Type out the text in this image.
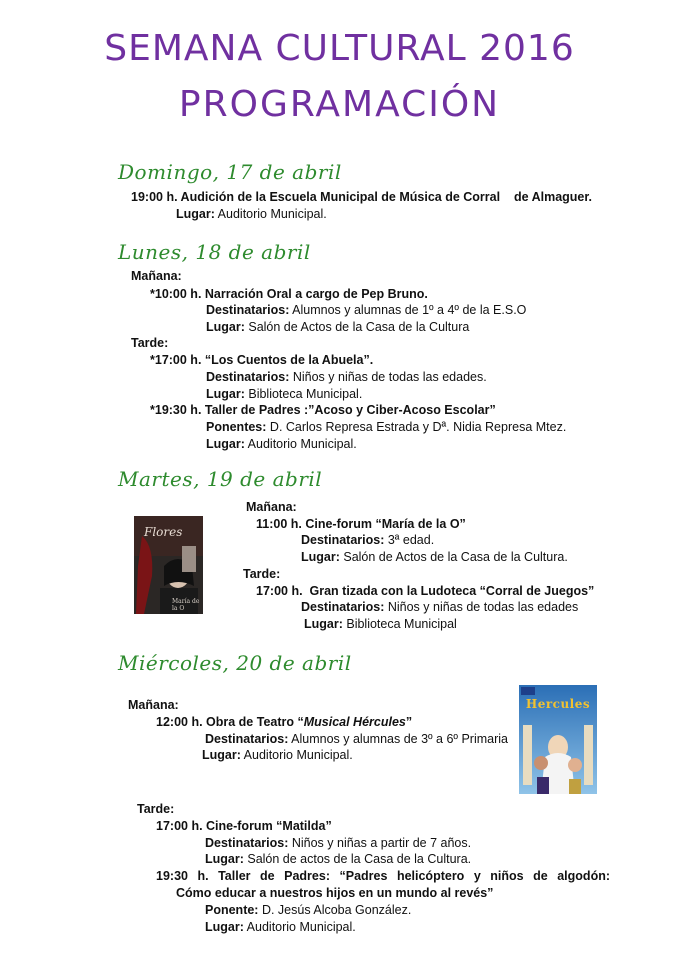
SEMANA CULTURAL 2016
PROGRAMACIÓN
Domingo, 17 de abril
19:00 h. Audición de la Escuela Municipal de Música de Corral    de Almaguer.
Lugar: Auditorio Municipal.
Lunes, 18 de abril
Mañana:
*10:00 h. Narración Oral a cargo de Pep Bruno.
Destinatarios: Alumnos y alumnas de 1º a 4º de la E.S.O
Lugar: Salón de Actos de la Casa de la Cultura
Tarde:
*17:00 h. “Los Cuentos de la Abuela”.
Destinatarios: Niños y niñas de todas las edades.
Lugar: Biblioteca Municipal.
*19:30 h. Taller de Padres :”Acoso y Ciber-Acoso Escolar”
Ponentes: D. Carlos Represa Estrada y Dª. Nidia Represa Mtez.
Lugar: Auditorio Municipal.
Martes, 19 de abril
Flores
María de la O
Mañana:
11:00 h. Cine-forum “María de la O”
Destinatarios: 3ª edad.
Lugar: Salón de Actos de la Casa de la Cultura.
Tarde:
17:00 h.  Gran tizada con la Ludoteca “Corral de Juegos”
Destinatarios: Niños y niñas de todas las edades
Lugar: Biblioteca Municipal
Miércoles, 20 de abril
Mañana:
12:00 h. Obra de Teatro “Musical Hércules”
Destinatarios: Alumnos y alumnas de 3º a 6º Primaria
Lugar: Auditorio Municipal.
Hercules
Tarde:
17:00 h. Cine-forum “Matilda”
Destinatarios: Niños y niñas a partir de 7 años.
Lugar: Salón de actos de la Casa de la Cultura.
19:30 h. Taller de Padres: “Padres helicóptero y niños de algodón:
Cómo educar a nuestros hijos en un mundo al revés”
Ponente: D. Jesús Alcoba González.
Lugar: Auditorio Municipal.
